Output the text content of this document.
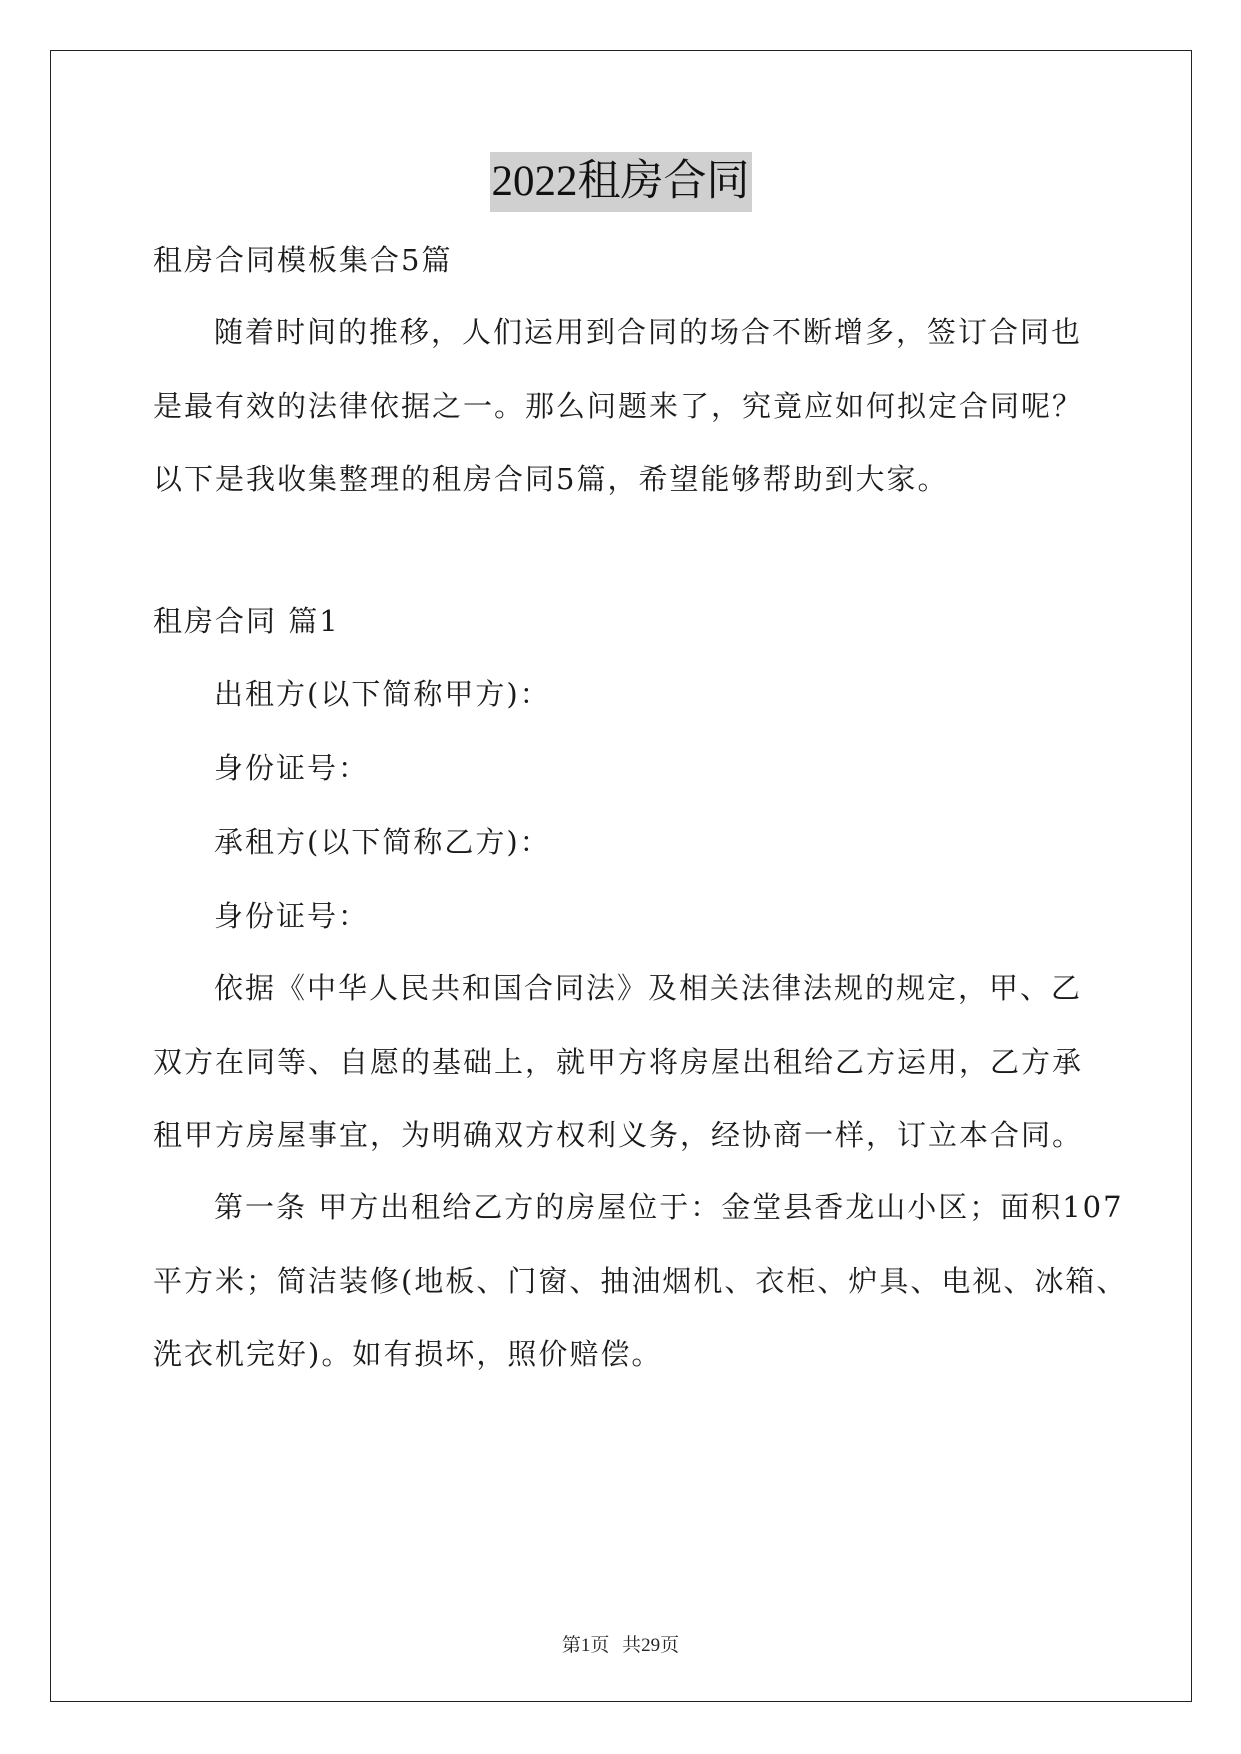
2022租房合同
租房合同模板集合5篇
随着时间的推移，人们运用到合同的场合不断增多，签订合同也
是最有效的法律依据之一。那么问题来了，究竟应如何拟定合同呢？
以下是我收集整理的租房合同5篇，希望能够帮助到大家。
租房合同 篇1
出租方(以下简称甲方)：
身份证号：
承租方(以下简称乙方)：
身份证号：
依据《中华人民共和国合同法》及相关法律法规的规定，甲、乙
双方在同等、自愿的基础上，就甲方将房屋出租给乙方运用，乙方承
租甲方房屋事宜，为明确双方权利义务，经协商一样，订立本合同。
第一条 甲方出租给乙方的房屋位于：金堂县香龙山小区；面积107
平方米；简洁装修(地板、门窗、抽油烟机、衣柜、炉具、电视、冰箱、
洗衣机完好)。如有损坏，照价赔偿。
第1页 共29页
